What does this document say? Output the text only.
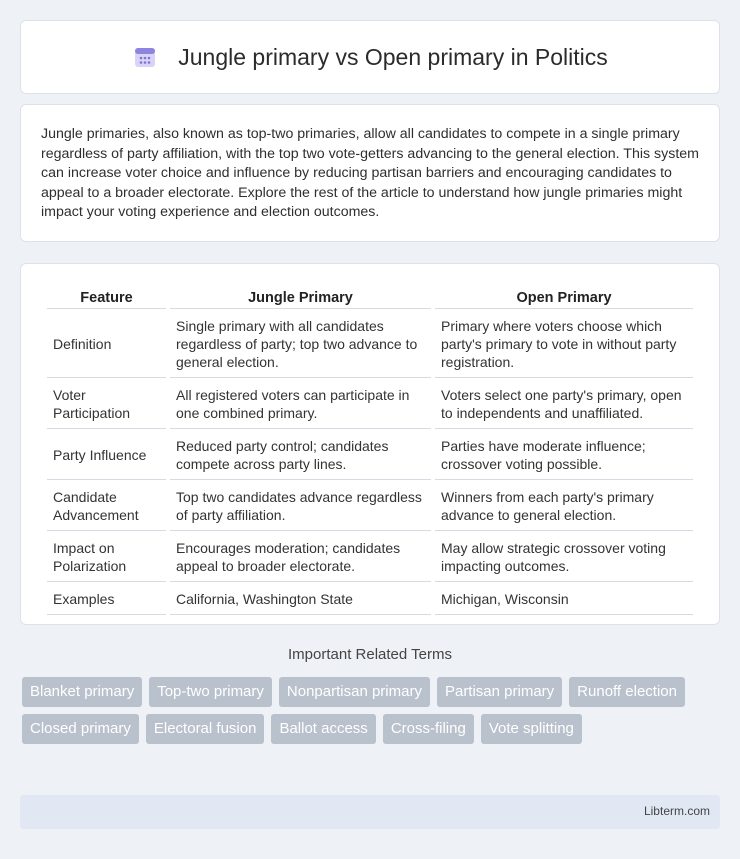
Jungle primary vs Open primary in Politics

Jungle primaries, also known as top-two primaries, allow all candidates to compete in a single primary regardless of party affiliation, with the top two vote-getters advancing to the general election. This system can increase voter choice and influence by reducing partisan barriers and encouraging candidates to appeal to a broader electorate. Explore the rest of the article to understand how jungle primaries might impact your voting experience and election outcomes.

Feature	Jungle Primary	Open Primary
Definition	Single primary with all candidates regardless of party; top two advance to general election.	Primary where voters choose which party's primary to vote in without party registration.
Voter Participation	All registered voters can participate in one combined primary.	Voters select one party's primary, open to independents and unaffiliated.
Party Influence	Reduced party control; candidates compete across party lines.	Parties have moderate influence; crossover voting possible.
Candidate Advancement	Top two candidates advance regardless of party affiliation.	Winners from each party's primary advance to general election.
Impact on Polarization	Encourages moderation; candidates appeal to broader electorate.	May allow strategic crossover voting impacting outcomes.
Examples	California, Washington State	Michigan, Wisconsin
Important Related Terms
Blanket primary	Top-two primary	Nonpartisan primary	Partisan primary	Runoff election
Closed primary	Electoral fusion	Ballot access	Cross-filing	Vote splitting
Libterm.com
